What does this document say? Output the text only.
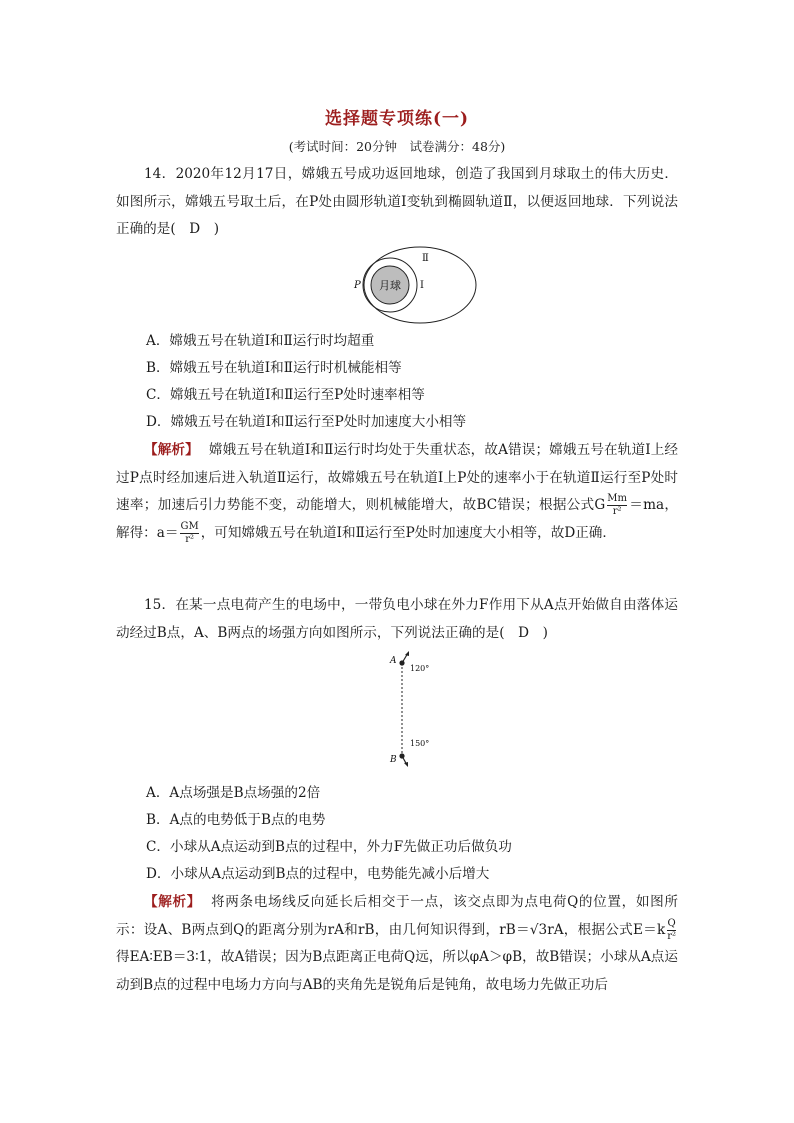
选择题专项练(一)
(考试时间：20分钟　试卷满分：48分)
14．2020年12月17日，嫦娥五号成功返回地球，创造了我国到月球取土的伟大历史．如图所示，嫦娥五号取土后，在P处由圆形轨道Ⅰ变轨到椭圆轨道Ⅱ，以便返回地球．下列说法正确的是(　D　)
月球
P	Ⅰ
Ⅱ
A．嫦娥五号在轨道Ⅰ和Ⅱ运行时均超重
B．嫦娥五号在轨道Ⅰ和Ⅱ运行时机械能相等
C．嫦娥五号在轨道Ⅰ和Ⅱ运行至P处时速率相等
D．嫦娥五号在轨道Ⅰ和Ⅱ运行至P处时加速度大小相等
【解析】 嫦娥五号在轨道Ⅰ和Ⅱ运行时均处于失重状态，故A错误；嫦娥五号在轨道Ⅰ上经过P点时经加速后进入轨道Ⅱ运行，故嫦娥五号在轨道Ⅰ上P处的速率小于在轨道Ⅱ运行至P处时速率；加速后引力势能不变，动能增大，则机械能增大，故BC错误；根据公式G $\frac{Mm}{\text{r²}} =ma$，解得：$a= \frac{GM}{\text{r²}}$ ，可知嫦娥五号在轨道Ⅰ和Ⅱ运行至P处时加速度大小相等，故D正确．
15．在某一点电荷产生的电场中，一带负电小球在外力F作用下从A点开始做自由落体运动经过B点，A、B两点的场强方向如图所示，下列说法正确的是(　D　)
A
B
120°
150°
A．A点场强是B点场强的2倍
B．A点的电势低于B点的电势
C．小球从A点运动到B点的过程中，外力F先做正功后做负功
D．小球从A点运动到B点的过程中，电势能先减小后增大
【解析】 将两条电场线反向延长后相交于一点，该交点即为点电荷Q的位置，如图所示：设A、B两点到Q的距离分别为rA和rB，由几何知识得到，rB＝√3rA，根据公式$E=k \frac{Q}{\text{r²}}$
得EA∶EB＝3∶1，故A错误；因为B点距离正电荷Q远，所以φA＞φB，故B错误；小球从A点运动到B点的过程中电场力方向与AB的夹角先是锐角后是钝角，故电场力先做正功后
